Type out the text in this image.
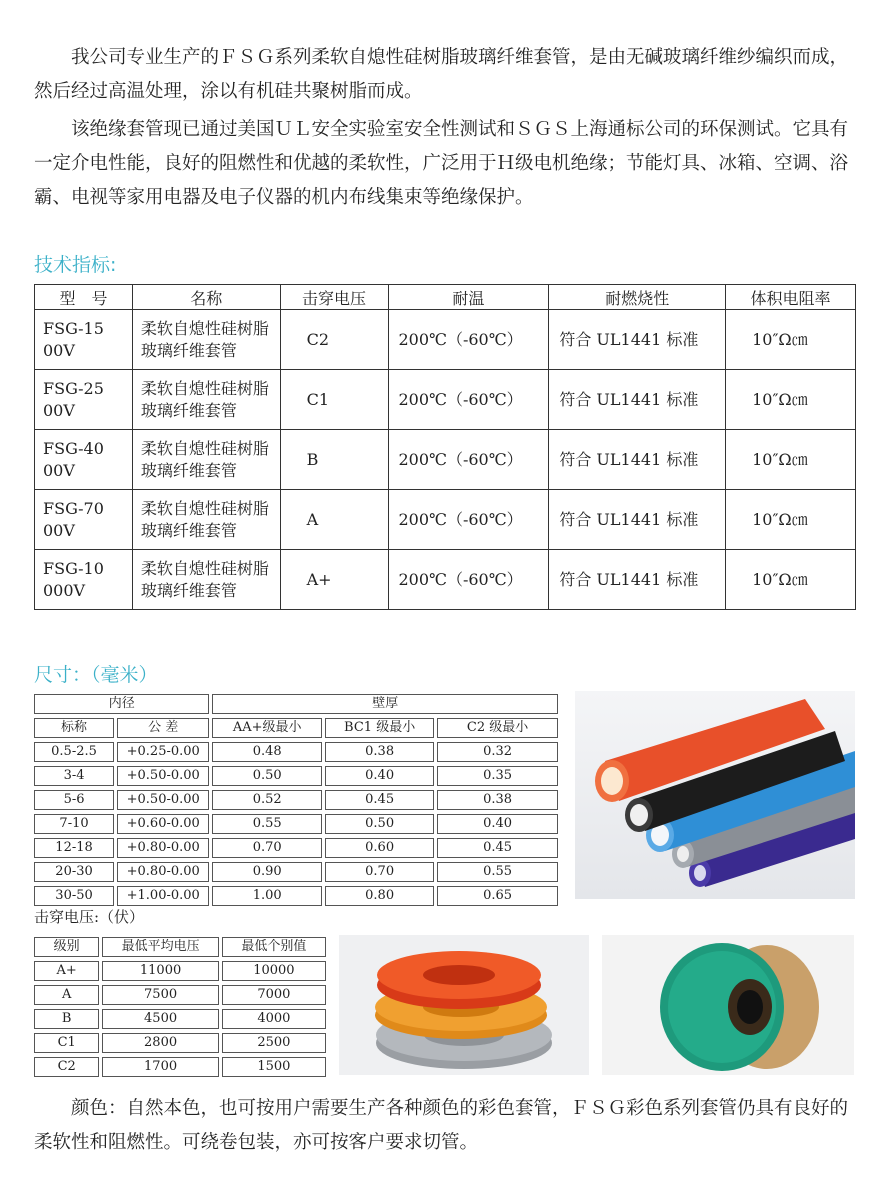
我公司专业生产的ＦＳＧ系列柔软自熄性硅树脂玻璃纤维套管，是由无碱玻璃纤维纱编织而成，然后经过高温处理，涂以有机硅共聚树脂而成。

该绝缘套管现已通过美国ＵＬ安全实验室安全性测试和ＳＧＳ上海通标公司的环保测试。它具有一定介电性能，良好的阻燃性和优越的柔软性，广泛用于Ｈ级电机绝缘；节能灯具、冰箱、空调、浴霸、电视等家用电器及电子仪器的机内布线集束等绝缘保护。

技术指标:

型　号	名称	击穿电压	耐温	耐燃烧性	体积电阻率
FSG-1500V	柔软自熄性硅树脂玻璃纤维套管	C2	200℃（-60℃）	符合 UL1441 标准	10″Ω㎝
FSG-2500V	柔软自熄性硅树脂玻璃纤维套管	C1	200℃（-60℃）	符合 UL1441 标准	10″Ω㎝
FSG-4000V	柔软自熄性硅树脂玻璃纤维套管	B	200℃（-60℃）	符合 UL1441 标准	10″Ω㎝
FSG-7000V	柔软自熄性硅树脂玻璃纤维套管	A	200℃（-60℃）	符合 UL1441 标准	10″Ω㎝
FSG-10000V	柔软自熄性硅树脂玻璃纤维套管	A+	200℃（-60℃）	符合 UL1441 标准	10″Ω㎝

尺寸：（毫米）

内径		壁厚		
标称	公 差	AA+级最小	BC1 级最小	C2 级最小
0.5-2.5	+0.25-0.00	0.48	0.38	0.32
3-4	+0.50-0.00	0.50	0.40	0.35
5-6	+0.50-0.00	0.52	0.45	0.38
7-10	+0.60-0.00	0.55	0.50	0.40
12-18	+0.80-0.00	0.70	0.60	0.45
20-30	+0.80-0.00	0.90	0.70	0.55
30-50	+1.00-0.00	1.00	0.80	0.65

击穿电压:（伏）

级别	最低平均电压	最低个别值
A+	11000	10000
A	7500	7000
B	4500	4000
C1	2800	2500
C2	1700	1500

颜色：自然本色，也可按用户需要生产各种颜色的彩色套管，ＦＳＧ彩色系列套管仍具有良好的柔软性和阻燃性。可绕卷包装，亦可按客户要求切管。
